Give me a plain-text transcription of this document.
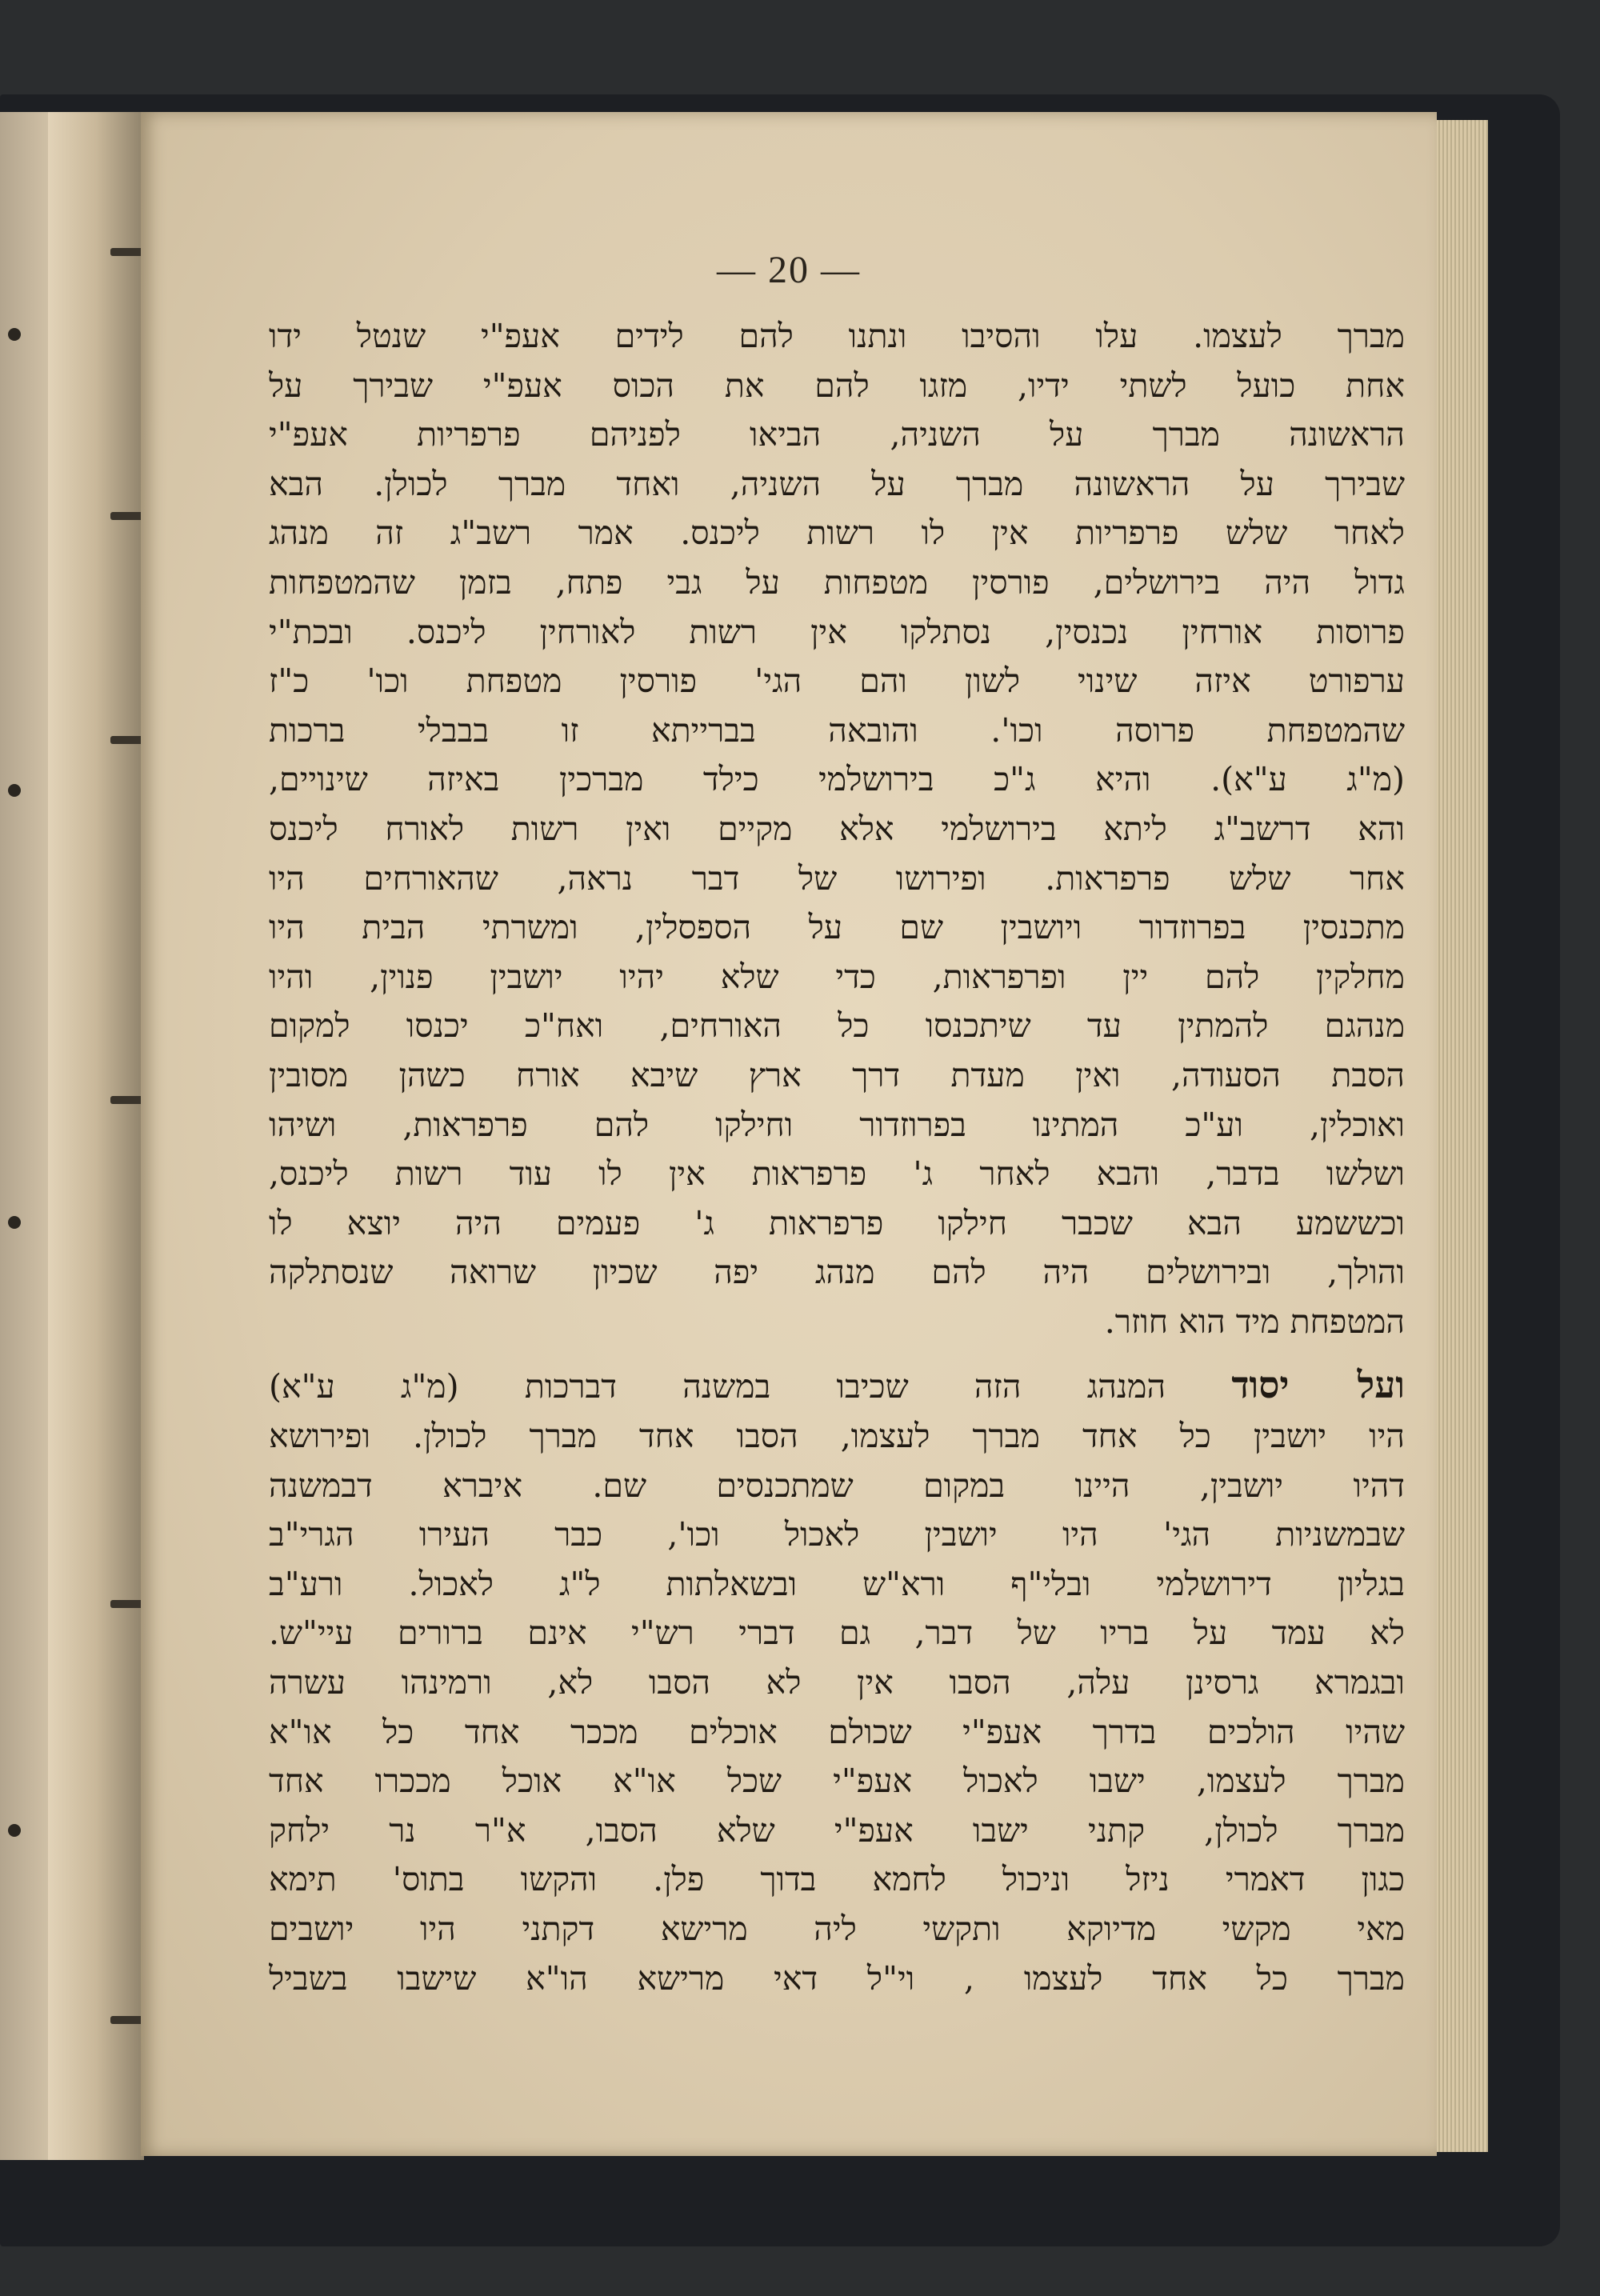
— 20 —
מברך לעצמו. עלו והסיבו ונתנו להם לידים אעפ"י שנטל ידו
אחת כועל לשתי ידיו, מזגו להם את הכוס אעפ"י שבירך על
הראשונה מברך על השניה, הביאו לפניהם פרפריות אעפ"י
שבירך על הראשונה מברך על השניה, ואחד מברך לכולן. הבא
לאחר שלש פרפריות אין לו רשות ליכנס. אמר רשב"ג זה מנהג
גדול היה בירושלים, פורסין מטפחות על גבי פתח, בזמן שהמטפחות
פרוסות אורחין נכנסין, נסתלקו אין רשות לאורחין ליכנס. ובכת"י
ערפורט איזה שינוי לשון והם הגי' פורסין מטפחת וכו' כ"ז
שהמטפחת פרוסה וכו'. והובאה בברייתא זו בבבלי ברכות
(מ"ג ע"א). והיא ג"כ בירושלמי כילד מברכין באיזה שינויים,
והא דרשב"ג ליתא בירושלמי אלא מקיים ואין רשות לאורח ליכנס
אחר שלש פרפראות. ופירושו של דבר נראה, שהאורחים היו
מתכנסין בפרוזדור ויושבין שם על הספסלין, ומשרתי הבית היו
מחלקין להם יין ופרפראות, כדי שלא יהיו יושבין פנוין, והיו
מנהגם להמתין עד שיתכנסו כל האורחים, ואח"כ יכנסו למקום
הסבת הסעודה, ואין מעדת דרך ארץ שיבא אורח כשהן מסובין
ואוכלין, וע"כ המתינו בפרוזדור וחילקו להם פרפראות, ושיהו
ושלשו בדבר, והבא לאחר ג' פרפראות אין לו עוד רשות ליכנס,
וכששמע הבא שכבר חילקו פרפראות ג' פעמים היה יוצא לו
והולך, ובירושלים היה להם מנהג יפה שכיון שרואה שנסתלקה
המטפחת מיד הוא חוזר.
ועל יסוד המנהג הזה שכיבו במשנה דברכות (מ"ג ע"א)
היו יושבין כל אחד מברך לעצמו, הסבו אחד מברך לכולן. ופירושא
דהיו יושבין, היינו במקום שמתכנסים שם. איברא דבמשנה
שבמשניות הגי' היו יושבין לאכול וכו', כבר העירו הגרי"ב
בגליון דירושלמי ובלי"ף ורא"ש ובשאלתות ל"ג לאכול. ורע"ב
לא עמד על בריו של דבר, גם דברי רש"י אינם ברורים עיי"ש.
ובגמרא גרסינן עלה, הסבו אין לא הסבו לא, ורמינהו עשרה
שהיו הולכים בדרך אעפ"י שכולם אוכלים מככר אחד כל או"א
מברך לעצמו, ישבו לאכול אעפ"י שכל או"א אוכל מככרו אחד
מברך לכולן, קתני ישבו אעפ"י שלא הסבו, א"ר נר ילחק
כגון דאמרי ניזל וניכול לחמא בדוך פלן. והקשו בתוס' תימא
מאי מקשי מדיוקא ותקשי ליה מרישא דקתני היו יושבים
מברך כל אחד לעצמו , וי"ל דאי מרישא הו"א שישבו בשביל
